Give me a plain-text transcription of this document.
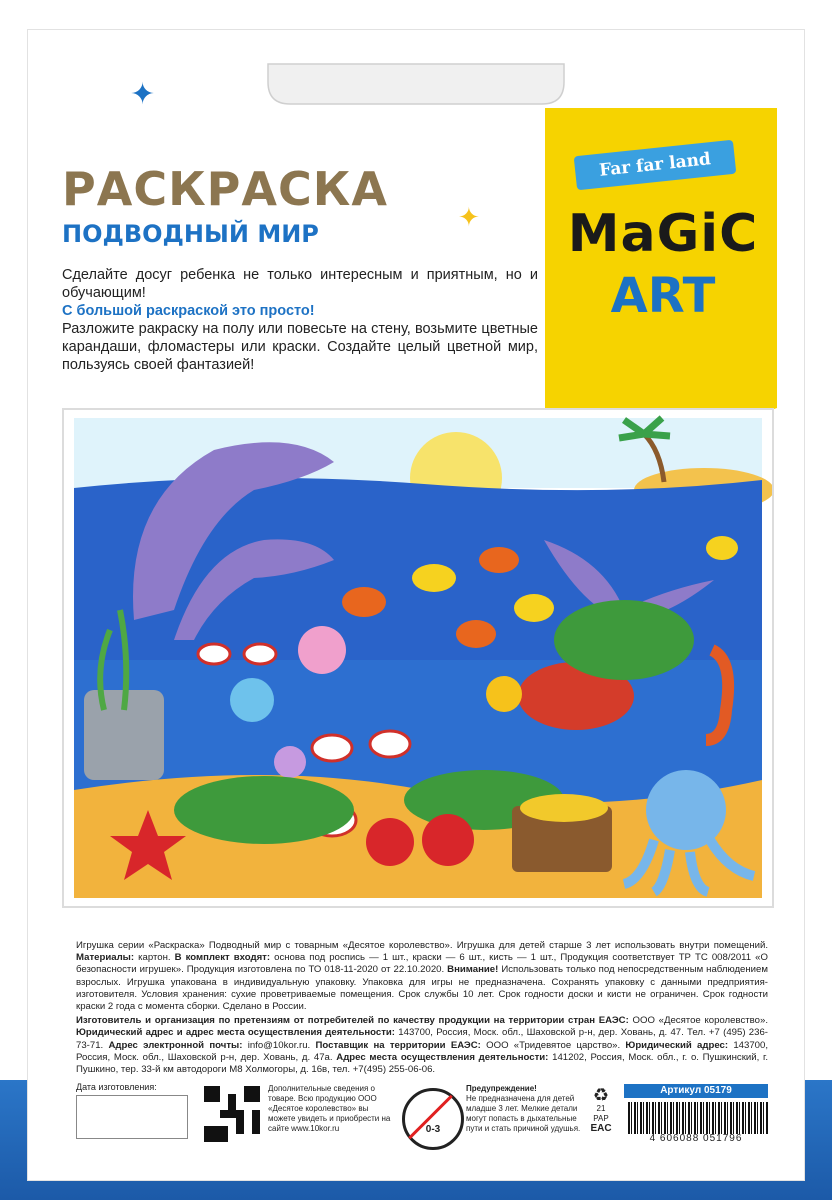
✦
✦
РАСКРАСКА
ПОДВОДНЫЙ МИР

Сделайте досуг ребенка не только интересным и приятным, но и обучающим!

С большой раскраской это просто!

Разложите ракраску на полу или повесьте на стену, возьмите цветные карандаши, фломастеры или краски. Создайте целый цветной мир, пользуясь своей фантазией!

Far far land
MaGiC
ART

Игрушка серии «Раскраска» Подводный мир с товарным «Десятое королевство». Игрушка для детей старше 3 лет использовать внутри помещений. Материалы: картон. В комплект входят: основа под роспись — 1 шт., краски — 6 шт., кисть — 1 шт., Продукция соответствует ТР ТС 008/2011 «О безопасности игрушек». Продукция изготовлена по ТО 018-11-2020 от 22.10.2020. Внимание! Использовать только под непосредственным наблюдением взрослых. Игрушка упакована в индивидуальную упаковку. Упаковка для игры не предназначена. Сохранять упаковку с данными предприятия-изготовителя. Условия хранения: сухие проветриваемые помещения. Срок службы 10 лет. Срок годности доски и кисти не ограничен. Срок годности краски 2 года с момента сборки. Сделано в России.

Изготовитель и организация по претензиям от потребителей по качеству продукции на территории стран ЕАЭС: ООО «Десятое королевство». Юридический адрес и адрес места осуществления деятельности: 143700, Россия, Моск. обл., Шаховской р-н, дер. Ховань, д. 47. Тел. +7 (495) 236-73-71. Адрес электронной почты: info@10kor.ru. Поставщик на территории ЕАЭС: ООО «Тридевятое царство». Юридический адрес: 143700, Россия, Моск. обл., Шаховской р-н, дер. Ховань, д. 47а. Адрес места осуществления деятельности: 141202, Россия, Моск. обл., г. о. Пушкинский, г. Пушкино, тер. 33-й км автодороги М8 Холмогоры, д. 16в, тел. +7(495) 255-06-06.

Дата изготовления:	Дополнительные сведения о товаре. Всю продукцию ООО «Десятое королевство» вы можете увидеть и приобрести на сайте www.10kor.ru	0-3
Предупреждение!
Не предназначена для детей младше 3 лет. Мелкие детали могут попасть в дыхательные пути и стать причиной удушья.
♻
21
PAP
EAC
Артикул 05179
4 606088 051796
